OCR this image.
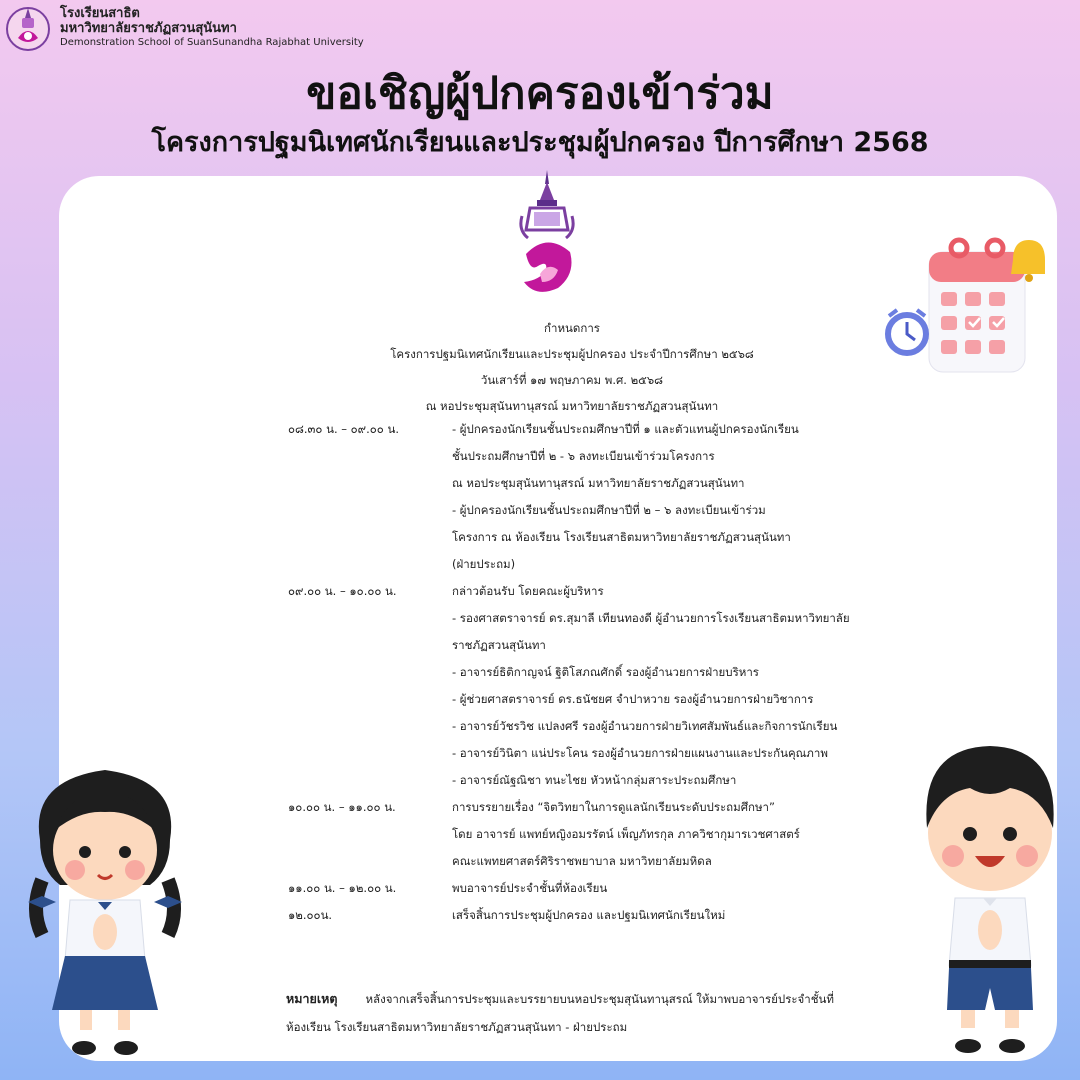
โรงเรียนสาธิต
มหาวิทยาลัยราชภัฏสวนสุนันทา
Demonstration School of SuanSunandha Rajabhat University
ขอเชิญผู้ปกครองเข้าร่วม
โครงการปฐมนิเทศนักเรียนและประชุมผู้ปกครอง ปีการศึกษา 2568
กำหนดการ
โครงการปฐมนิเทศนักเรียนและประชุมผู้ปกครอง ประจำปีการศึกษา ๒๕๖๘
วันเสาร์ที่ ๑๗ พฤษภาคม พ.ศ. ๒๕๖๘
ณ หอประชุมสุนันทานุสรณ์ มหาวิทยาลัยราชภัฏสวนสุนันทา
๐๘.๓๐ น. – ๐๙.๐๐ น.	- ผู้ปกครองนักเรียนชั้นประถมศึกษาปีที่ ๑ และตัวแทนผู้ปกครองนักเรียน
ชั้นประถมศึกษาปีที่ ๒ - ๖ ลงทะเบียนเข้าร่วมโครงการ
ณ หอประชุมสุนันทานุสรณ์ มหาวิทยาลัยราชภัฏสวนสุนันทา
- ผู้ปกครองนักเรียนชั้นประถมศึกษาปีที่ ๒ – ๖ ลงทะเบียนเข้าร่วม
โครงการ ณ ห้องเรียน โรงเรียนสาธิตมหาวิทยาลัยราชภัฏสวนสุนันทา
(ฝ่ายประถม)
๐๙.๐๐ น. – ๑๐.๐๐ น.	กล่าวต้อนรับ โดยคณะผู้บริหาร
- รองศาสตราจารย์ ดร.สุมาลี เทียนทองดี ผู้อำนวยการโรงเรียนสาธิตมหาวิทยาลัย
ราชภัฏสวนสุนันทา
- อาจารย์ธิติกาญจน์ ฐิติโสภณศักดิ์ รองผู้อำนวยการฝ่ายบริหาร
- ผู้ช่วยศาสตราจารย์ ดร.ธนัชยศ จำปาหวาย รองผู้อำนวยการฝ่ายวิชาการ
- อาจารย์วัชรวิช แปลงศรี รองผู้อำนวยการฝ่ายวิเทศสัมพันธ์และกิจการนักเรียน
- อาจารย์วินิตา แน่ประโคน รองผู้อำนวยการฝ่ายแผนงานและประกันคุณภาพ
- อาจารย์ณัฐณิชา ทนะไชย หัวหน้ากลุ่มสาระประถมศึกษา
๑๐.๐๐ น. – ๑๑.๐๐ น.	การบรรยายเรื่อง “จิตวิทยาในการดูแลนักเรียนระดับประถมศึกษา”
โดย อาจารย์ แพทย์หญิงอมรรัตน์ เพ็ญภัทรกุล ภาควิชากุมารเวชศาสตร์
คณะแพทยศาสตร์ศิริราชพยาบาล มหาวิทยาลัยมหิดล
๑๑.๐๐ น. – ๑๒.๐๐ น.	พบอาจารย์ประจำชั้นที่ห้องเรียน
๑๒.๐๐น.	เสร็จสิ้นการประชุมผู้ปกครอง และปฐมนิเทศนักเรียนใหม่
หมายเหตุ หลังจากเสร็จสิ้นการประชุมและบรรยายบนหอประชุมสุนันทานุสรณ์ ให้มาพบอาจารย์ประจำชั้นที่
ห้องเรียน โรงเรียนสาธิตมหาวิทยาลัยราชภัฏสวนสุนันทา - ฝ่ายประถม
